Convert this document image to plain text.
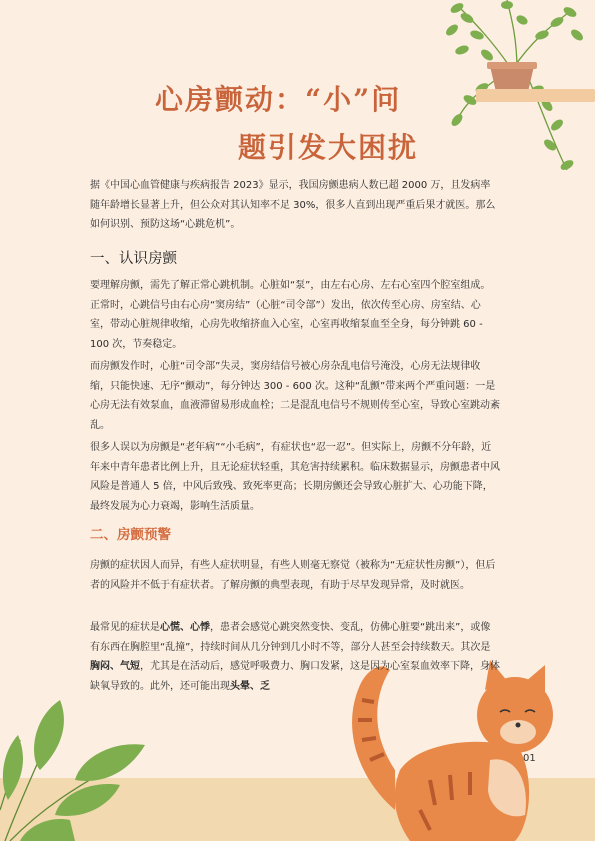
心房颤动：“小”问
题引发大困扰
据《中国心血管健康与疾病报告 2023》显示，我国房颤患病人数已超 2000 万，且发病率随年龄增长显著上升，但公众对其认知率不足 30%，很多人直到出现严重后果才就医。那么如何识别、预防这场“心跳危机”。
一、认识房颤
要理解房颤，需先了解正常心跳机制。心脏如“泵”，由左右心房、左右心室四个腔室组成。正常时，心跳信号由右心房“窦房结”（心脏“司令部”）发出，依次传至心房、房室结、心室，带动心脏规律收缩，心房先收缩挤血入心室，心室再收缩泵血至全身，每分钟跳 60 - 100 次，节奏稳定。
而房颤发作时，心脏“司令部”失灵，窦房结信号被心房杂乱电信号淹没，心房无法规律收缩，只能快速、无序“颤动”，每分钟达 300 - 600 次。这种“乱颤”带来两个严重问题：一是心房无法有效泵血，血液滞留易形成血栓；二是混乱电信号不规则传至心室，导致心室跳动紊乱。
很多人误以为房颤是“老年病”“小毛病”，有症状也“忍一忍”。但实际上，房颤不分年龄，近年来中青年患者比例上升，且无论症状轻重，其危害持续累积。临床数据显示，房颤患者中风风险是普通人 5 倍，中风后致残、致死率更高；长期房颤还会导致心脏扩大、心功能下降，最终发展为心力衰竭，影响生活质量。
二、房颤预警
房颤的症状因人而异，有些人症状明显，有些人则毫无察觉（被称为“无症状性房颤”），但后者的风险并不低于有症状者。了解房颤的典型表现，有助于尽早发现异常，及时就医。
最常见的症状是心慌、心悸，患者会感觉心跳突然变快、变乱，仿佛心脏要“跳出来”，或像有东西在胸腔里“乱撞”，持续时间从几分钟到几小时不等，部分人甚至会持续数天。其次是胸闷、气短，尤其是在活动后，感觉呼吸费力、胸口发紧，这是因为心室泵血效率下降，身体缺氧导致的。此外，还可能出现头晕、乏
01
